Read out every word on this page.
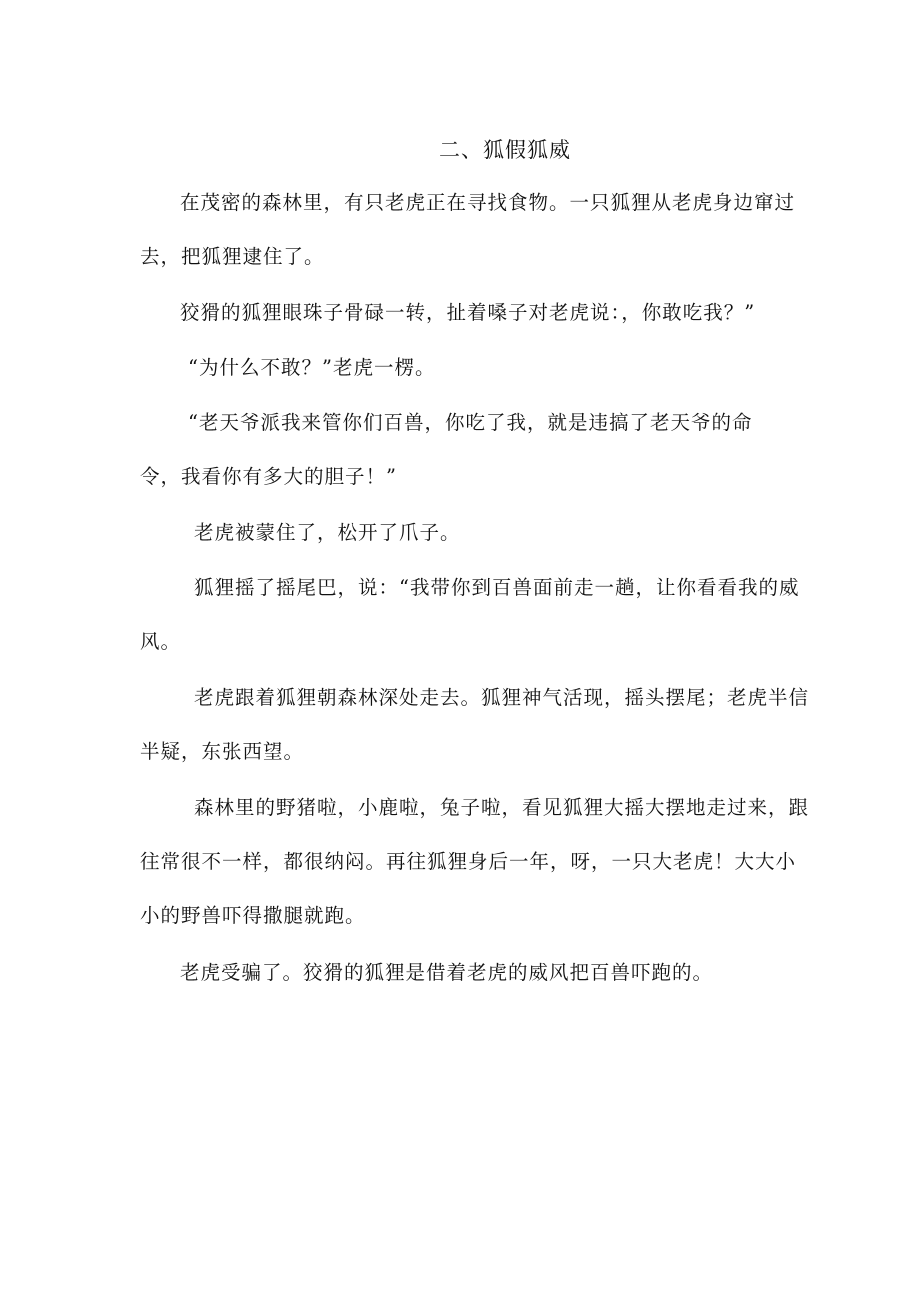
二、狐假狐威

在茂密的森林里，有只老虎正在寻找食物。一只狐狸从老虎身边窜过
去，把狐狸逮住了。

狡猾的狐狸眼珠子骨碌一转，扯着嗓子对老虎说：，你敢吃我？”

“为什么不敢？”老虎一楞。

“老天爷派我来管你们百兽，你吃了我，就是违搞了老天爷的命
令，我看你有多大的胆子！”

老虎被蒙住了，松开了爪子。

狐狸摇了摇尾巴，说：“我带你到百兽面前走一趟，让你看看我的威
风。

老虎跟着狐狸朝森林深处走去。狐狸神气活现，摇头摆尾；老虎半信
半疑，东张西望。

森林里的野猪啦，小鹿啦，兔子啦，看见狐狸大摇大摆地走过来，跟
往常很不一样，都很纳闷。再往狐狸身后一年，呀，一只大老虎！大大小
小的野兽吓得撒腿就跑。

老虎受骗了。狡猾的狐狸是借着老虎的威风把百兽吓跑的。
